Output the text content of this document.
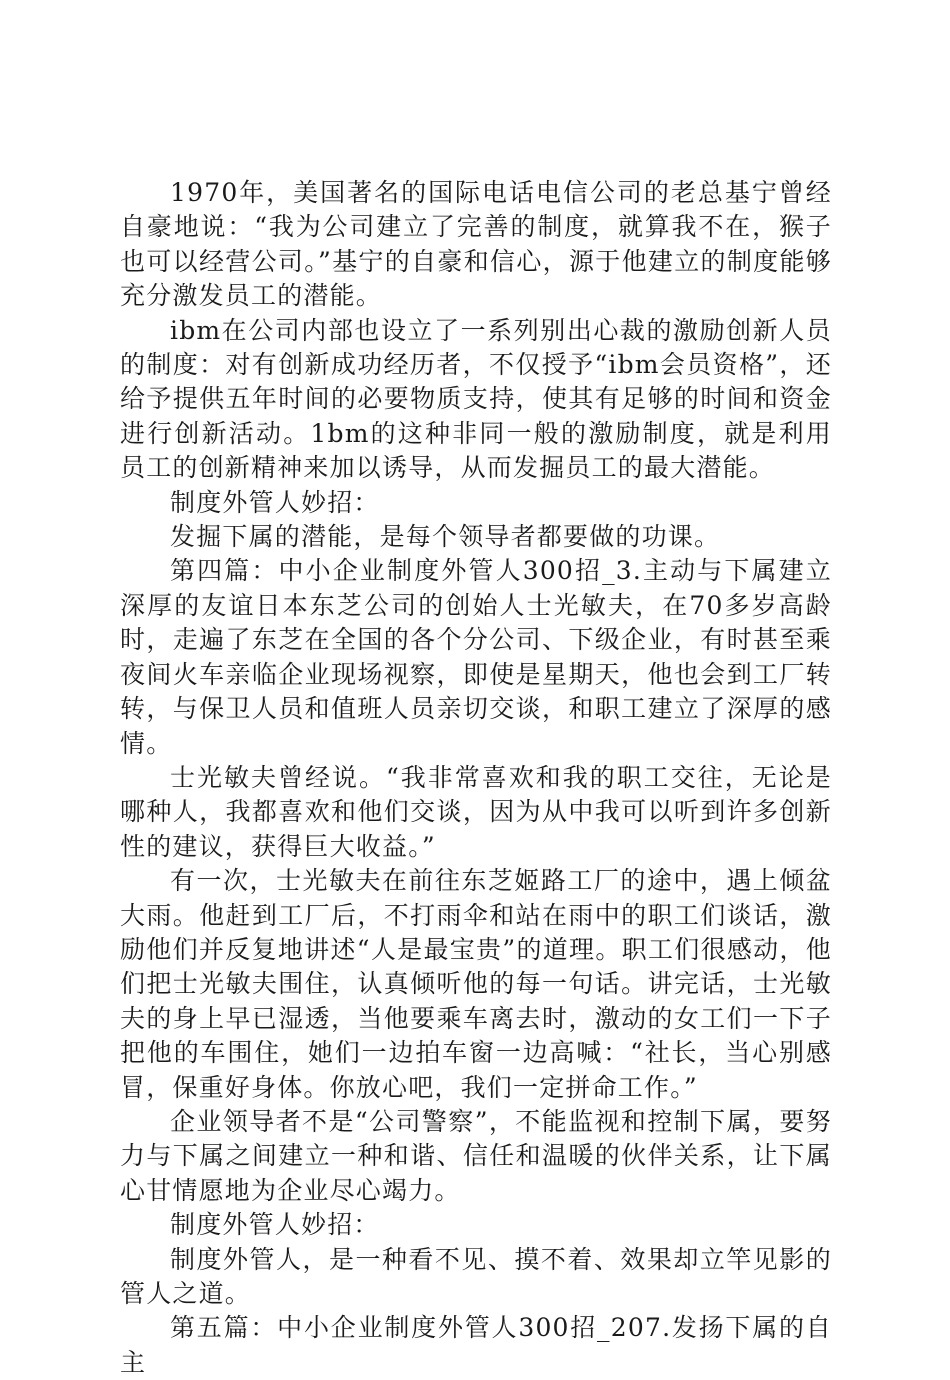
1970年，美国著名的国际电话电信公司的老总基宁曾经自豪地说：“我为公司建立了完善的制度，就算我不在，猴子也可以经营公司。”基宁的自豪和信心，源于他建立的制度能够充分激发员工的潜能。

ibm在公司内部也设立了一系列别出心裁的激励创新人员的制度：对有创新成功经历者，不仅授予“ibm会员资格”，还给予提供五年时间的必要物质支持，使其有足够的时间和资金进行创新活动。1bm的这种非同一般的激励制度，就是利用员工的创新精神来加以诱导，从而发掘员工的最大潜能。

制度外管人妙招：

发掘下属的潜能，是每个领导者都要做的功课。

第四篇：中小企业制度外管人300招_3.主动与下属建立深厚的友谊日本东芝公司的创始人士光敏夫，在70多岁高龄时，走遍了东芝在全国的各个分公司、下级企业，有时甚至乘夜间火车亲临企业现场视察，即使是星期天，他也会到工厂转转，与保卫人员和值班人员亲切交谈，和职工建立了深厚的感情。

士光敏夫曾经说。“我非常喜欢和我的职工交往，无论是哪种人，我都喜欢和他们交谈，因为从中我可以听到许多创新性的建议，获得巨大收益。”

有一次，士光敏夫在前往东芝姬路工厂的途中，遇上倾盆大雨。他赶到工厂后，不打雨伞和站在雨中的职工们谈话，激励他们并反复地讲述“人是最宝贵”的道理。职工们很感动，他们把士光敏夫围住，认真倾听他的每一句话。讲完话，士光敏夫的身上早已湿透，当他要乘车离去时，激动的女工们一下子把他的车围住，她们一边拍车窗一边高喊：“社长，当心别感冒，保重好身体。你放心吧，我们一定拼命工作。”

企业领导者不是“公司警察”，不能监视和控制下属，要努力与下属之间建立一种和谐、信任和温暖的伙伴关系，让下属心甘情愿地为企业尽心竭力。

制度外管人妙招：

制度外管人，是一种看不见、摸不着、效果却立竿见影的管人之道。

第五篇：中小企业制度外管人300招_207.发扬下属的自主
